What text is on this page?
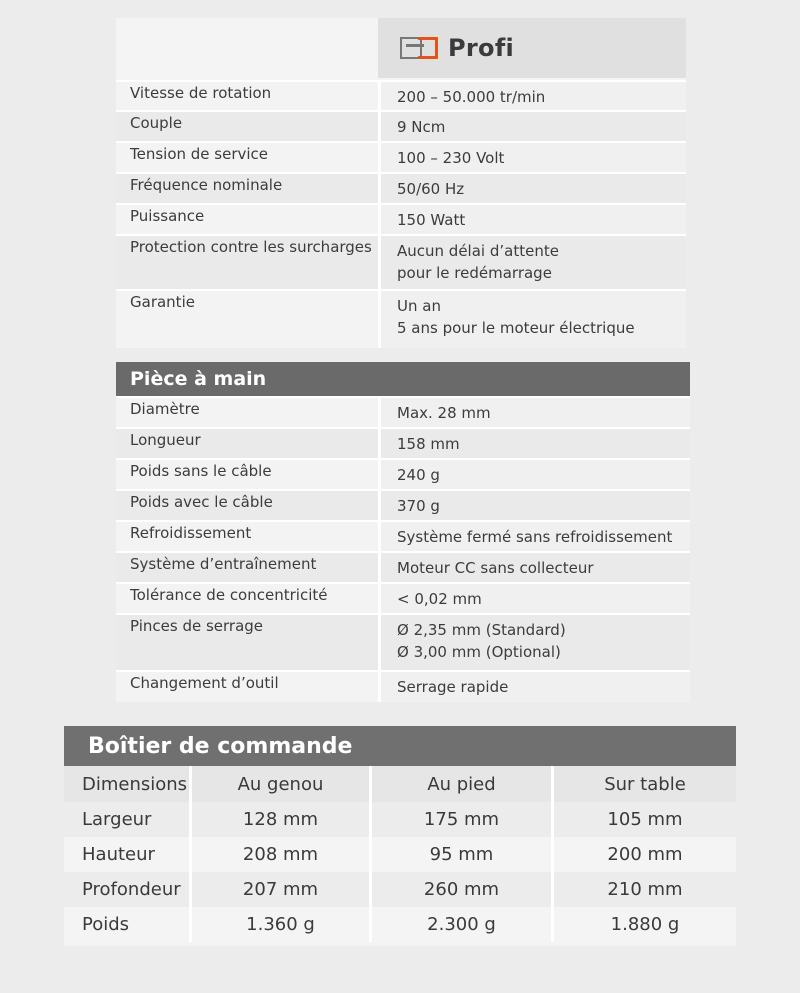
Profi
Vitesse de rotation	200 – 50.000 tr/min
Couple	9 Ncm
Tension de service	100 – 230 Volt
Fréquence nominale	50/60 Hz
Puissance	150 Watt
Protection contre les surcharges	Aucun délai d’attente
pour le redémarrage
Garantie	Un an
5 ans pour le moteur électrique
Pièce à main
Diamètre	Max. 28 mm
Longueur	158 mm
Poids sans le câble	240 g
Poids avec le câble	370 g
Refroidissement	Système fermé sans refroidissement
Système d’entraînement	Moteur CC sans collecteur
Tolérance de concentricité	< 0,02 mm
Pinces de serrage	Ø 2,35 mm (Standard)
Ø 3,00 mm (Optional)
Changement d’outil	Serrage rapide
Boîtier de commande
Dimensions	Au genou	Au pied	Sur table
Largeur	128 mm	175 mm	105 mm
Hauteur	208 mm	95 mm	200 mm
Profondeur	207 mm	260 mm	210 mm
Poids	1.360 g	2.300 g	1.880 g
